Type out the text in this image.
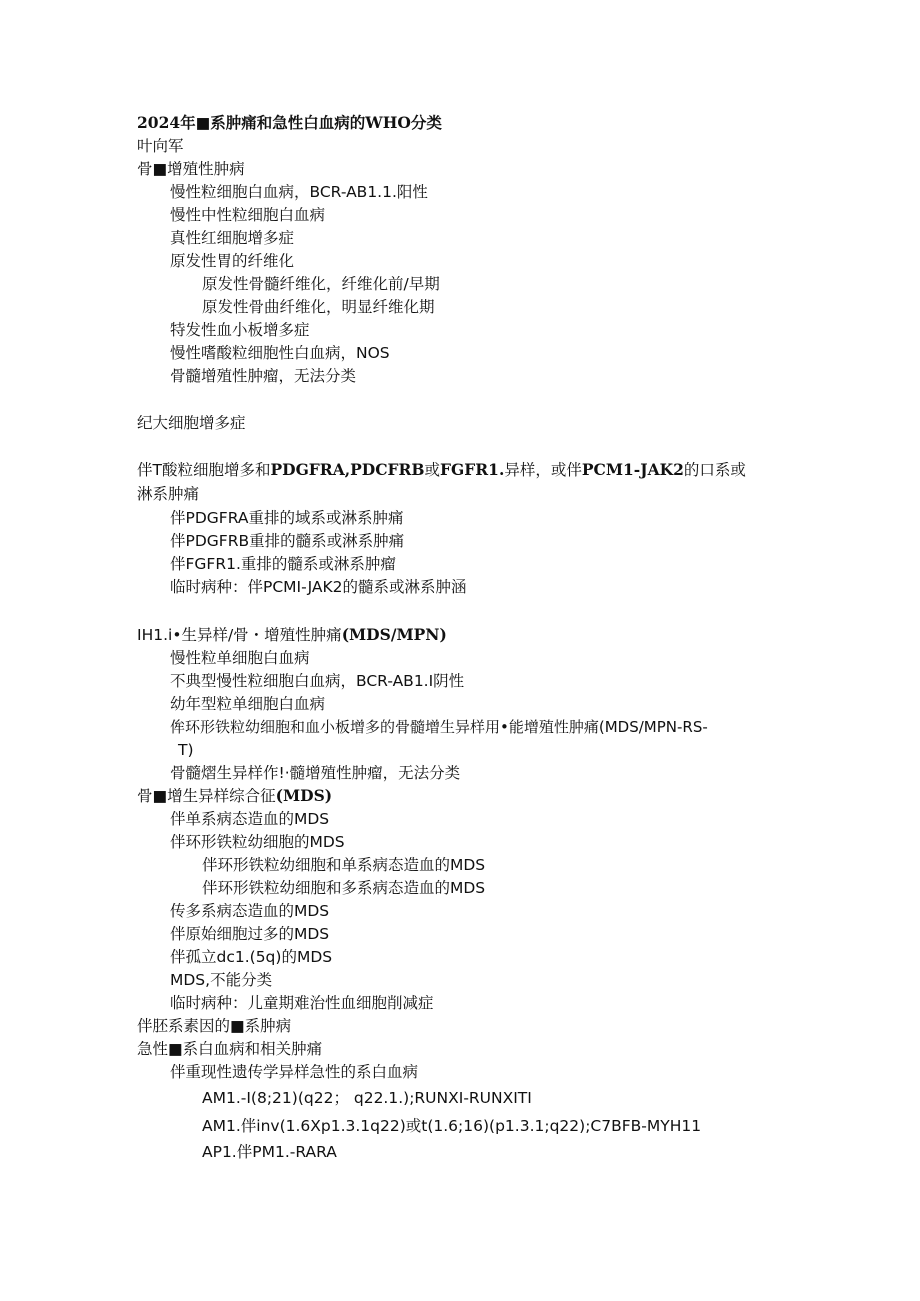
2024年■系肿痛和急性白血病的WHO分类
叶向军
骨■增殖性肿病
慢性粒细胞白血病，BCR-AB1.1.阳性
慢性中性粒细胞白血病
真性红细胞增多症
原发性胃的纤维化
原发性骨髓纤维化，纤维化前/早期
原发性骨曲纤维化，明显纤维化期
特发性血小板增多症
慢性嗜酸粒细胞性白血病，NOS
骨髓增殖性肿瘤，无法分类
纪大细胞增多症
伴T酸粒细胞增多和PDGFRA,PDCFRB或FGFR1.异样，或伴PCM1-JAK2的口系或
淋系肿痛
伴PDGFRA重排的域系或淋系肿痛
伴PDGFRB重排的髓系或淋系肿痛
伴FGFR1.重排的髓系或淋系肿瘤
临时病种：伴PCMI-JAK2的髓系或淋系肿涵
IH1.i•生异样/骨・增殖性肿痛(MDS/MPN)
慢性粒单细胞白血病
不典型慢性粒细胞白血病，BCR-AB1.I阴性
幼年型粒单细胞白血病
侔环形铁粒幼细胞和血小板增多的骨髓增生异样用•能增殖性肿痛(MDS/MPN-RS-
T)
骨髓熠生异样作!·髓增殖性肿瘤，无法分类
骨■增生异样综合征(MDS)
伴单系病态造血的MDS
伴环形铁粒幼细胞的MDS
伴环形铁粒幼细胞和单系病态造血的MDS
伴环形铁粒幼细胞和多系病态造血的MDS
传多系病态造血的MDS
伴原始细胞过多的MDS
伴孤立dc1.(5q)的MDS
MDS,不能分类
临时病种：儿童期难治性血细胞削减症
伴胚系素因的■系肿病
急性■系白血病和相关肿痛
伴重现性遗传学异样急性的系白血病
AM1.-I(8;21)(q22； q22.1.);RUNXI-RUNXITI
AM1.伴inv(1.6Xp1.3.1q22)或t(1.6;16)(p1.3.1;q22);C7BFB-MYH11
AP1.伴PM1.-RARA
